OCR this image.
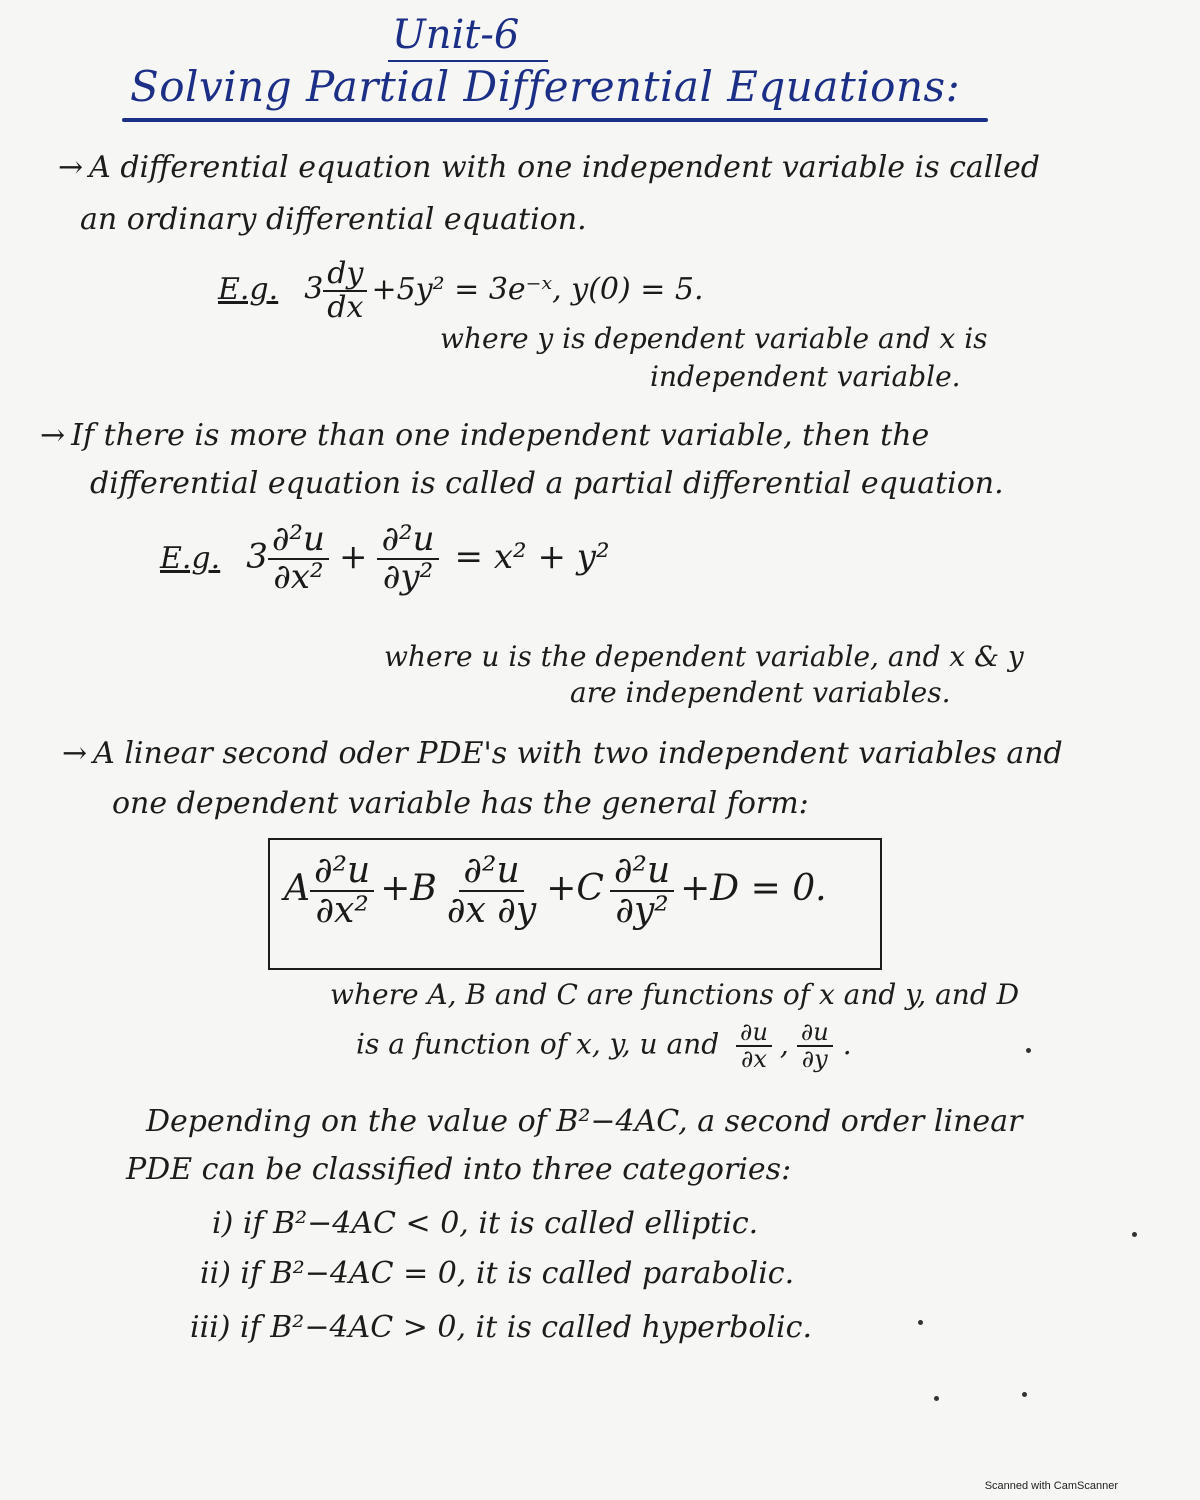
Unit-6
Solving Partial Differential Equations:
→ A differential equation with one independent variable is called
an ordinary differential equation.
E.g. $3 \frac{dy}{dx} +5y^2$ = 3e⁻ˣ, y(0) = 5.
where y is dependent variable and x is
independent variable.
→ If there is more than one independent variable, then the
differential equation is called a partial differential equation.
E.g. $3 \frac{\text{∂²u}}{\text{∂x²}} + \frac{\text{∂²u}}{\text{∂y²}} = x^2 + y^2$
where u is the dependent variable, and x & y
are independent variables.
→ A linear second oder PDE's with two independent variables and
one dependent variable has the general form:
A $\frac{\text{∂²u}}{\text{∂x²}} +B \frac{\text{∂²u}}{\partial x \partial y} +C \frac{\text{∂²u}}{\text{∂y²}} +D = 0$.
where A, B and C are functions of x and y, and D
is a function of x, y, u and $\frac{\partial u}{\partial x}$ , $\frac{\partial u}{\partial y}$ .
Depending on the value of B²−4AC, a second order linear
PDE can be classified into three categories:
i) if B²−4AC < 0, it is called elliptic.
ii) if B²−4AC = 0, it is called parabolic.
iii) if B²−4AC > 0, it is called hyperbolic.
Scanned with CamScanner
